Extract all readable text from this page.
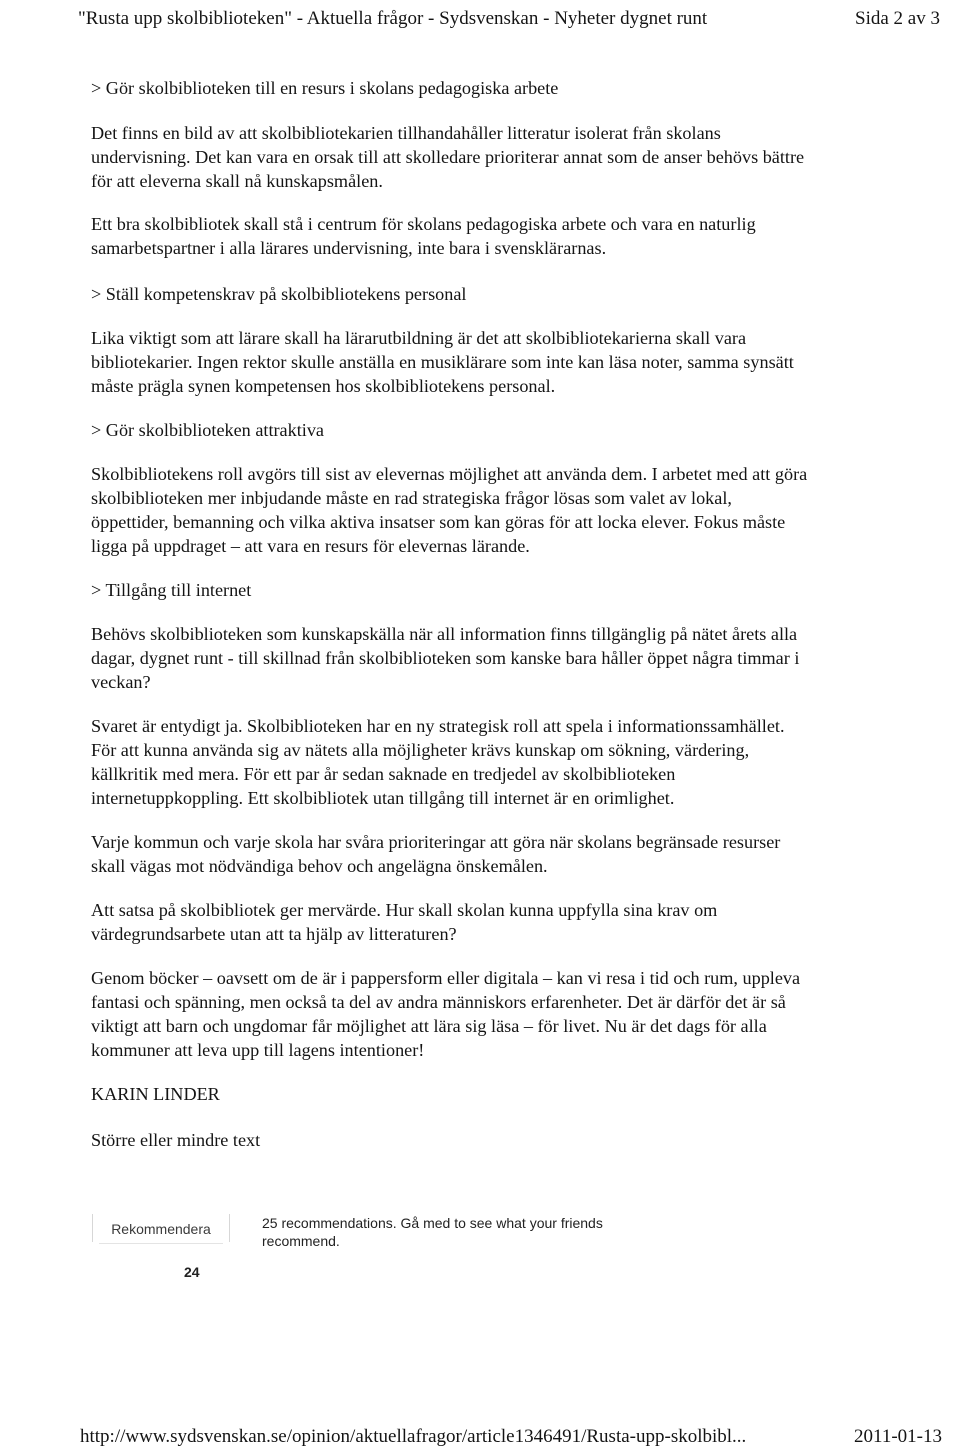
"Rusta upp skolbiblioteken" - Aktuella frågor - Sydsvenskan - Nyheter dygnet runt	Sida 2 av 3
> Gör skolbiblioteken till en resurs i skolans pedagogiska arbete
Det finns en bild av att skolbibliotekarien tillhandahåller litteratur isolerat från skolans
undervisning. Det kan vara en orsak till att skolledare prioriterar annat som de anser behövs bättre
för att eleverna skall nå kunskapsmålen.
Ett bra skolbibliotek skall stå i centrum för skolans pedagogiska arbete och vara en naturlig
samarbetspartner i alla lärares undervisning, inte bara i svensklärarnas.
> Ställ kompetenskrav på skolbibliotekens personal
Lika viktigt som att lärare skall ha lärarutbildning är det att skolbibliotekarierna skall vara
bibliotekarier. Ingen rektor skulle anställa en musiklärare som inte kan läsa noter, samma synsätt
måste prägla synen kompetensen hos skolbibliotekens personal.
> Gör skolbiblioteken attraktiva
Skolbibliotekens roll avgörs till sist av elevernas möjlighet att använda dem. I arbetet med att göra
skolbiblioteken mer inbjudande måste en rad strategiska frågor lösas som valet av lokal,
öppettider, bemanning och vilka aktiva insatser som kan göras för att locka elever. Fokus måste
ligga på uppdraget – att vara en resurs för elevernas lärande.
> Tillgång till internet
Behövs skolbiblioteken som kunskapskälla när all information finns tillgänglig på nätet årets alla
dagar, dygnet runt - till skillnad från skolbiblioteken som kanske bara håller öppet några timmar i
veckan?
Svaret är entydigt ja. Skolbiblioteken har en ny strategisk roll att spela i informationssamhället.
För att kunna använda sig av nätets alla möjligheter krävs kunskap om sökning, värdering,
källkritik med mera. För ett par år sedan saknade en tredjedel av skolbiblioteken
internetuppkoppling. Ett skolbibliotek utan tillgång till internet är en orimlighet.
Varje kommun och varje skola har svåra prioriteringar att göra när skolans begränsade resurser
skall vägas mot nödvändiga behov och angelägna önskemålen.
Att satsa på skolbibliotek ger mervärde. Hur skall skolan kunna uppfylla sina krav om
värdegrundsarbete utan att ta hjälp av litteraturen?
Genom böcker – oavsett om de är i pappersform eller digitala – kan vi resa i tid och rum, uppleva
fantasi och spänning, men också ta del av andra människors erfarenheter. Det är därför det är så
viktigt att barn och ungdomar får möjlighet att lära sig läsa – för livet. Nu är det dags för alla
kommuner att leva upp till lagens intentioner!
KARIN LINDER
Större eller mindre text
Rekommendera	25 recommendations. Gå med to see what your friends
recommend.
24
http://www.sydsvenskan.se/opinion/aktuellafragor/article1346491/Rusta-upp-skolbibl...	2011-01-13
